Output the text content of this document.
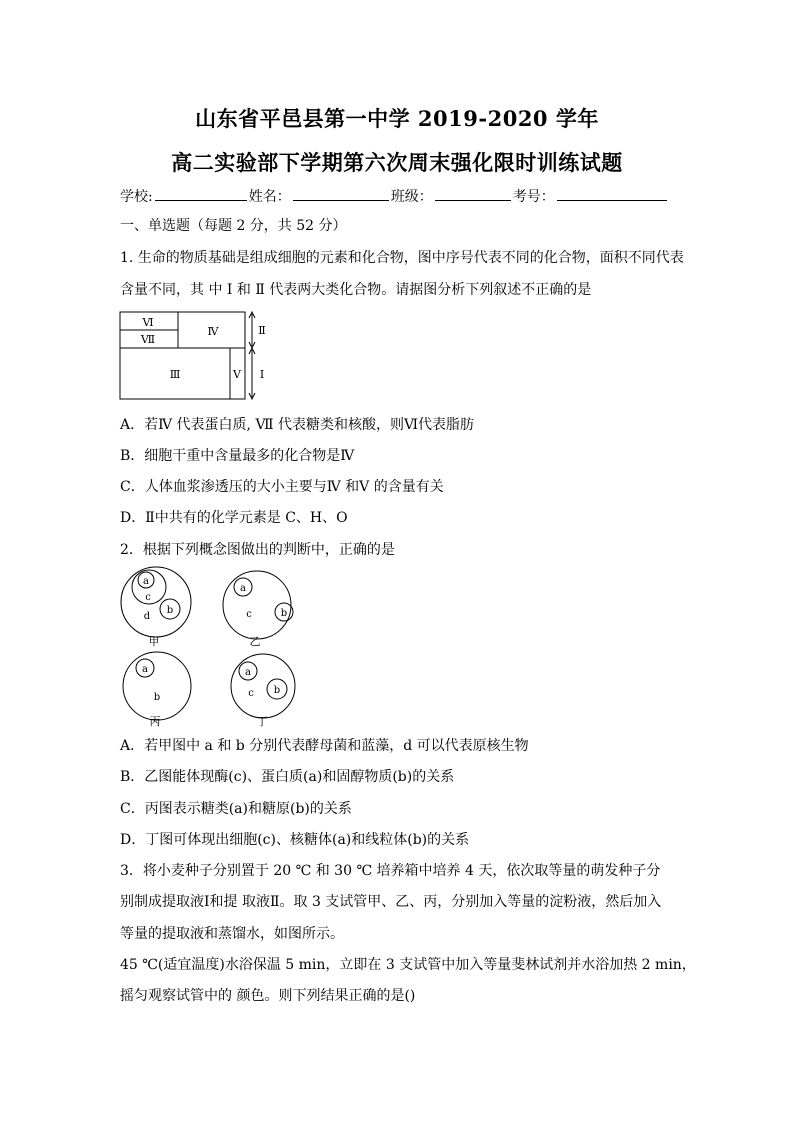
山东省平邑县第一中学 2019-2020 学年
高二实验部下学期第六次周末强化限时训练试题
学校:	姓名：	班级：	考号：
一、单选题（每题 2 分，共 52 分）
1. 生命的物质基础是组成细胞的元素和化合物，图中序号代表不同的化合物，面积不同代表
含量不同，其 中 Ⅰ 和 Ⅱ 代表两大类化合物。请据图分析下列叙述不正确的是
Ⅵ
Ⅶ
Ⅳ
Ⅲ	Ⅴ
Ⅱ
Ⅰ
A．若Ⅳ 代表蛋白质, Ⅶ 代表糖类和核酸，则Ⅵ代表脂肪
B．细胞干重中含量最多的化合物是Ⅳ
C．人体血浆渗透压的大小主要与Ⅳ 和Ⅴ 的含量有关
D．Ⅱ中共有的化学元素是 C、H、O
2．根据下列概念图做出的判断中，正确的是
a
c
d
b
甲
a
c	b
乙
a
b
丙
a
c b
丁
A．若甲图中 a 和 b 分别代表酵母菌和蓝藻，d 可以代表原核生物
B．乙图能体现酶(c)、蛋白质(a)和固醇物质(b)的关系
C．丙图表示糖类(a)和糖原(b)的关系
D．丁图可体现出细胞(c)、核糖体(a)和线粒体(b)的关系
3．将小麦种子分别置于 20 ℃ 和 30 ℃ 培养箱中培养 4 天，依次取等量的萌发种子分
别制成提取液Ⅰ和提 取液Ⅱ。取 3 支试管甲、乙、丙，分别加入等量的淀粉液，然后加入
等量的提取液和蒸馏水，如图所示。
45 ℃(适宜温度)水浴保温 5 min，立即在 3 支试管中加入等量斐林试剂并水浴加热 2 min，
摇匀观察试管中的 颜色。则下列结果正确的是()
